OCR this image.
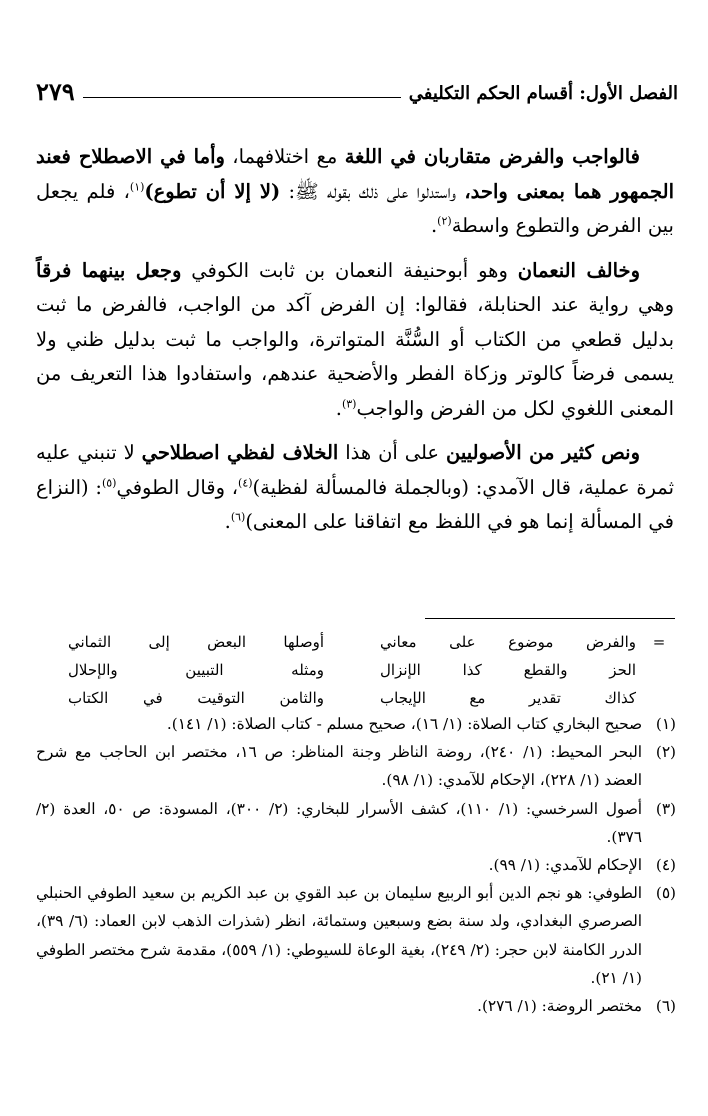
الفصل الأول: أقسام الحكم التكليفي
٢٧٩

فالواجب والفرض متقاربان في اللغة مع اختلافهما، وأما في الاصطلاح فعند الجمهور هما بمعنى واحد، واستدلوا على ذلك بقوله ﷺ: (لا إلا أن تطوع)$^{(١)}$، فلم يجعل بين الفرض والتطوع واسطة$^{(٢)}$.

وخالف النعمان وهو أبوحنيفة النعمان بن ثابت الكوفي وجعل بينهما فرقاً وهي رواية عند الحنابلة، فقالوا: إن الفرض آكد من الواجب، فالفرض ما ثبت بدليل قطعي من الكتاب أو السُّنَّة المتواترة، والواجب ما ثبت بدليل ظني ولا يسمى فرضاً كالوتر وزكاة الفطر والأضحية عندهم، واستفادوا هذا التعريف من المعنى اللغوي لكل من الفرض والواجب$^{(٣)}$.

ونص كثير من الأصوليين على أن هذا الخلاف لفظي اصطلاحي لا تنبني عليه ثمرة عملية، قال الآمدي: (وبالجملة فالمسألة لفظية)$^{(٤)}$، وقال الطوفي$^{(٥)}$: (النزاع في المسألة إنما هو في اللفظ مع اتفاقنا على المعنى)$^{(٦)}$.

=
والفرض موضوع على معاني
أوصلها البعض إلى الثماني
الحز والقطع كذا الإنزال
ومثله التبيين والإحلال
كذاك تقدير مع الإيجاب
والثامن التوقيت في الكتاب
(١)
صحيح البخاري كتاب الصلاة: (١/ ١٦)، صحيح مسلم - كتاب الصلاة: (١/ ١٤١).
(٢)
البحر المحيط: (١/ ٢٤٠)، روضة الناظر وجنة المناظر: ص ١٦، مختصر ابن الحاجب مع شرح العضد (١/ ٢٢٨)، الإحكام للآمدي: (١/ ٩٨).
(٣)
أصول السرخسي: (١/ ١١٠)، كشف الأسرار للبخاري: (٢/ ٣٠٠)، المسودة: ص ٥٠، العدة (٢/ ٣٧٦).
(٤)
الإحكام للآمدي: (١/ ٩٩).
(٥)
الطوفي: هو نجم الدين أبو الربيع سليمان بن عبد القوي بن عبد الكريم بن سعيد الطوفي الحنبلي الصرصري البغدادي، ولد سنة بضع وسبعين وستمائة، انظر (شذرات الذهب لابن العماد: (٦/ ٣٩)، الدرر الكامنة لابن حجر: (٢/ ٢٤٩)، بغية الوعاة للسيوطي: (١/ ٥٥٩)، مقدمة شرح مختصر الطوفي (١/ ٢١).
(٦)
مختصر الروضة: (١/ ٢٧٦).
